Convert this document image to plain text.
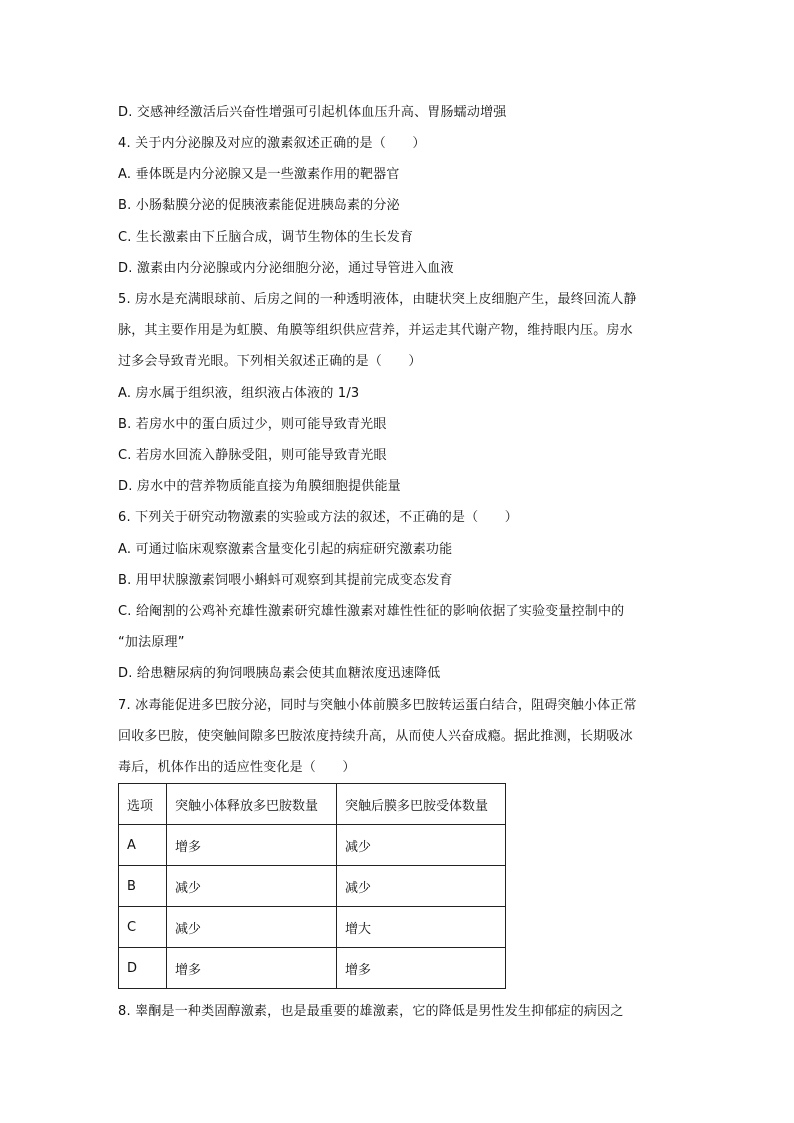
D. 交感神经激活后兴奋性增强可引起机体血压升高、胃肠蠕动增强
4. 关于内分泌腺及对应的激素叙述正确的是（　　）
A. 垂体既是内分泌腺又是一些激素作用的靶器官
B. 小肠黏膜分泌的促胰液素能促进胰岛素的分泌
C. 生长激素由下丘脑合成，调节生物体的生长发育
D. 激素由内分泌腺或内分泌细胞分泌，通过导管进入血液
5. 房水是充满眼球前、后房之间的一种透明液体，由睫状突上皮细胞产生，最终回流人静
脉，其主要作用是为虹膜、角膜等组织供应营养，并运走其代谢产物，维持眼内压。房水
过多会导致青光眼。下列相关叙述正确的是（　　）
A. 房水属于组织液，组织液占体液的 1/3
B. 若房水中的蛋白质过少，则可能导致青光眼
C. 若房水回流入静脉受阻，则可能导致青光眼
D. 房水中的营养物质能直接为角膜细胞提供能量
6. 下列关于研究动物激素的实验或方法的叙述，不正确的是（　　）
A. 可通过临床观察激素含量变化引起的病症研究激素功能
B. 用甲状腺激素饲喂小蝌蚪可观察到其提前完成变态发育
C. 给阉割的公鸡补充雄性激素研究雄性激素对雄性性征的影响依据了实验变量控制中的
“加法原理”
D. 给患糖尿病的狗饲喂胰岛素会使其血糖浓度迅速降低
7. 冰毒能促进多巴胺分泌，同时与突触小体前膜多巴胺转运蛋白结合，阻碍突触小体正常
回收多巴胺，使突触间隙多巴胺浓度持续升高，从而使人兴奋成瘾。据此推测，长期吸冰
毒后，机体作出的适应性变化是（　　）
选项	突触小体释放多巴胺数量	突触后膜多巴胺受体数量
A	增多	减少
B	减少	减少
C	减少	增大
D	增多	增多
8. 睾酮是一种类固醇激素，也是最重要的雄激素，它的降低是男性发生抑郁症的病因之
